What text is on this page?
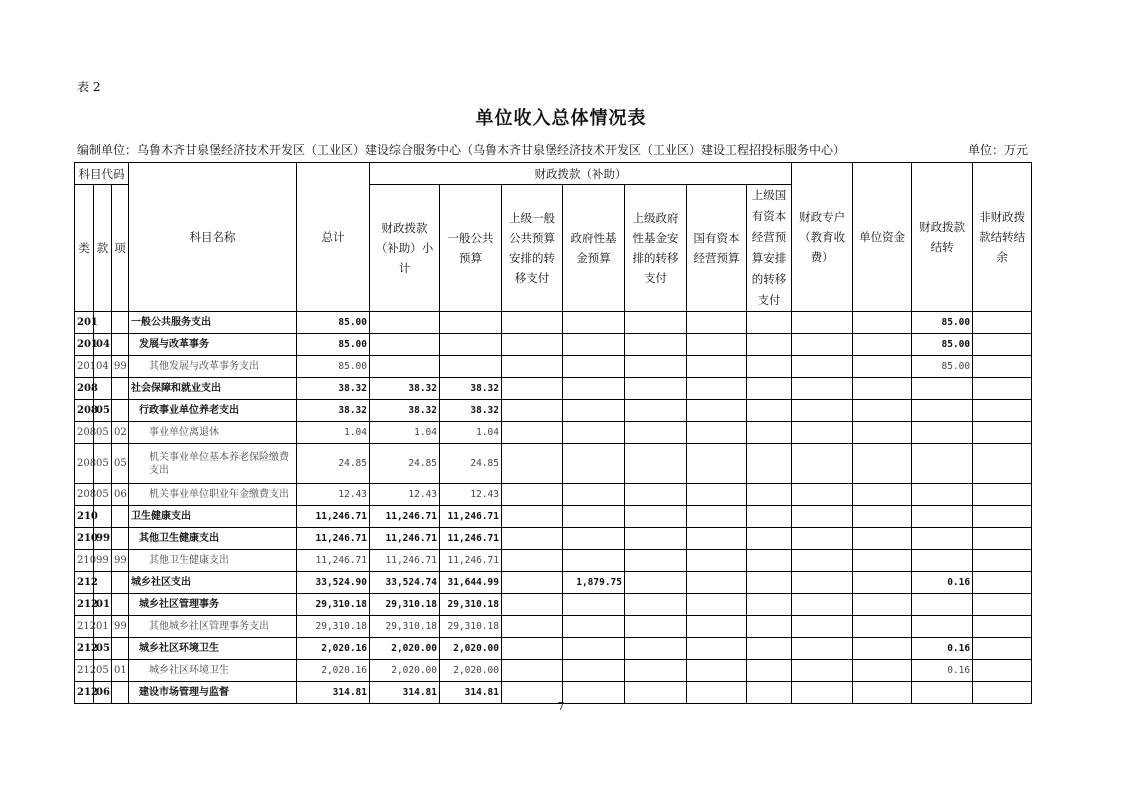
表 2
单位收入总体情况表
编制单位：乌鲁木齐甘泉堡经济技术开发区（工业区）建设综合服务中心（乌鲁木齐甘泉堡经济技术开发区（工业区）建设工程招投标服务中心）	单位：万元
科目代码			科目名称	总计	财政拨款（补助）							财政专户（教育收费）	单位资金	财政拨款结转	非财政拨款结转结余
类	款	项			财政拨款（补助）小计	一般公共预算	上级一般公共预算安排的转移支付	政府性基金预算	上级政府性基金安排的转移支付	国有资本经营预算	上级国有资本经营预算安排的转移支付				
201			一般公共服务支出	85.00										85.00	
201	04		发展与改革事务	85.00										85.00	
201	04	99	其他发展与改革事务支出	85.00										85.00	
208			社会保障和就业支出	38.32	38.32	38.32									
208	05		行政事业单位养老支出	38.32	38.32	38.32									
208	05	02	事业单位离退休	1.04	1.04	1.04									
208	05	05	机关事业单位基本养老保险缴费支出	24.85	24.85	24.85									
208	05	06	机关事业单位职业年金缴费支出	12.43	12.43	12.43									
210			卫生健康支出	11,246.71	11,246.71	11,246.71									
210	99		其他卫生健康支出	11,246.71	11,246.71	11,246.71									
210	99	99	其他卫生健康支出	11,246.71	11,246.71	11,246.71									
212			城乡社区支出	33,524.90	33,524.74	31,644.99		1,879.75						0.16	
212	01		城乡社区管理事务	29,310.18	29,310.18	29,310.18									
212	01	99	其他城乡社区管理事务支出	29,310.18	29,310.18	29,310.18									
212	05		城乡社区环境卫生	2,020.16	2,020.00	2,020.00								0.16	
212	05	01	城乡社区环境卫生	2,020.16	2,020.00	2,020.00								0.16	
212	06		建设市场管理与监督	314.81	314.81	314.81									
7
